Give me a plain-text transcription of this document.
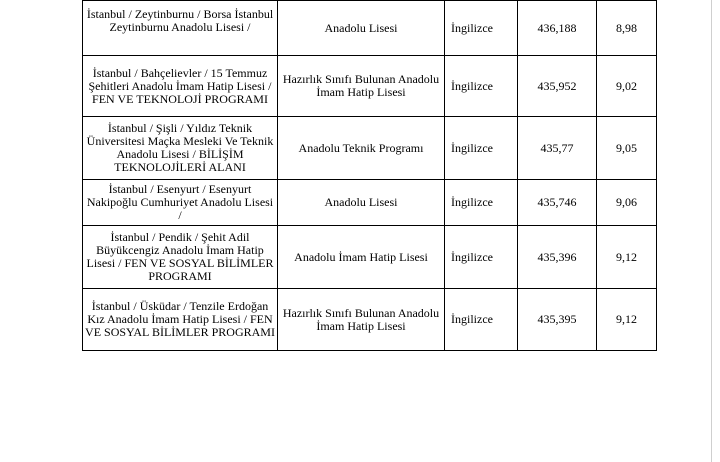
İstanbul / Zeytinburnu / Borsa İstanbul Zeytinburnu Anadolu Lisesi /	Anadolu Lisesi	İngilizce	436,188	8,98
İstanbul / Bahçelievler / 15 Temmuz Şehitleri Anadolu İmam Hatip Lisesi / FEN VE TEKNOLOJİ PROGRAMI	Hazırlık Sınıfı Bulunan Anadolu İmam Hatip Lisesi	İngilizce	435,952	9,02
İstanbul / Şişli / Yıldız Teknik Üniversitesi Maçka Mesleki Ve Teknik Anadolu Lisesi / BİLİŞİM TEKNOLOJİLERİ ALANI	Anadolu Teknik Programı	İngilizce	435,77	9,05
İstanbul / Esenyurt / Esenyurt Nakipoğlu Cumhuriyet Anadolu Lisesi /	Anadolu Lisesi	İngilizce	435,746	9,06
İstanbul / Pendik / Şehit Adil Büyükcengiz Anadolu İmam Hatip Lisesi / FEN VE SOSYAL BİLİMLER PROGRAMI	Anadolu İmam Hatip Lisesi	İngilizce	435,396	9,12
İstanbul / Üsküdar / Tenzile Erdoğan Kız Anadolu İmam Hatip Lisesi / FEN VE SOSYAL BİLİMLER PROGRAMI	Hazırlık Sınıfı Bulunan Anadolu İmam Hatip Lisesi	İngilizce	435,395	9,12
